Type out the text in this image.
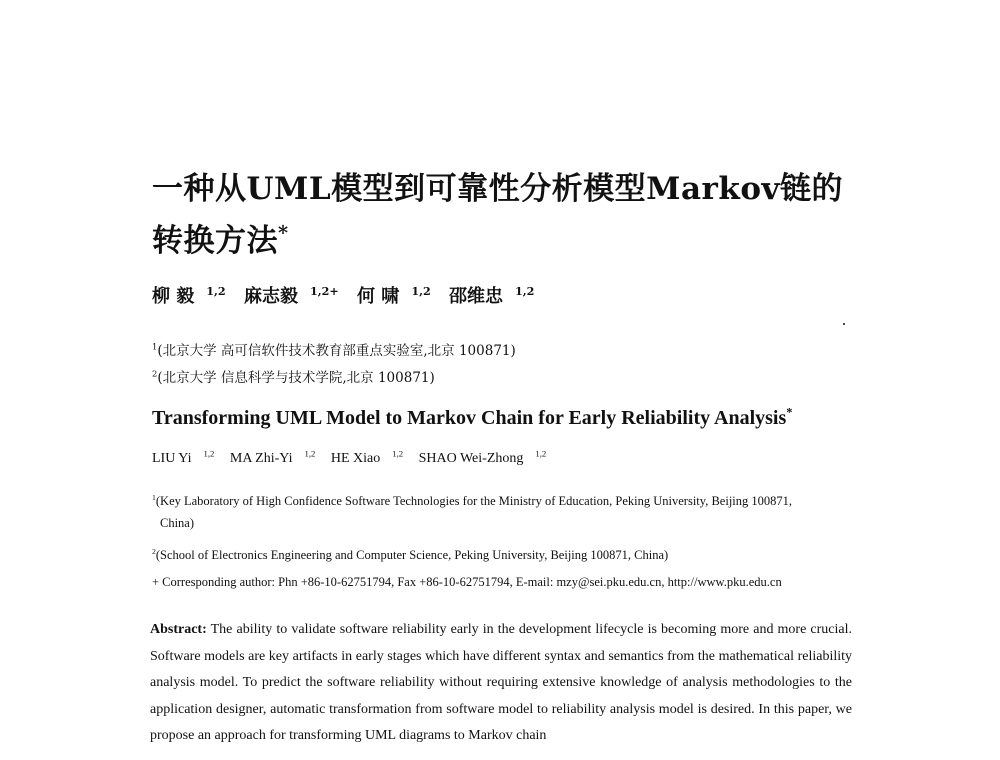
一种从UML模型到可靠性分析模型Markov链的转换方法*

柳 毅 $^{1,2}$ 麻志毅 $^{1,2+}$ 何 啸 $^{1,2}$ 邵维忠 $^{1,2}$

$^1$(北京大学 高可信软件技术教育部重点实验室,北京 100871)

$^2$(北京大学 信息科学与技术学院,北京 100871)

Transforming UML Model to Markov Chain for Early Reliability Analysis*

LIU Yi $^{1,2}$ MA Zhi-Yi $^{1,2}$ HE Xiao $^{1,2}$ SHAO Wei-Zhong $^{1,2}$

$^1$(Key Laboratory of High Confidence Software Technologies for the Ministry of Education, Peking University, Beijing 100871,
China)

$^2$(School of Electronics Engineering and Computer Science, Peking University, Beijing 100871, China)

+ Corresponding author: Phn +86-10-62751794, Fax +86-10-62751794, E-mail: mzy@sei.pku.edu.cn, http://www.pku.edu.cn

Abstract: The ability to validate software reliability early in the development lifecycle is becoming more and more crucial. Software models are key artifacts in early stages which have different syntax and semantics from the mathematical reliability analysis model. To predict the software reliability without requiring extensive knowledge of analysis methodologies to the application designer, automatic transformation from software model to reliability analysis model is desired. In this paper, we propose an approach for transforming UML diagrams to Markov chain
